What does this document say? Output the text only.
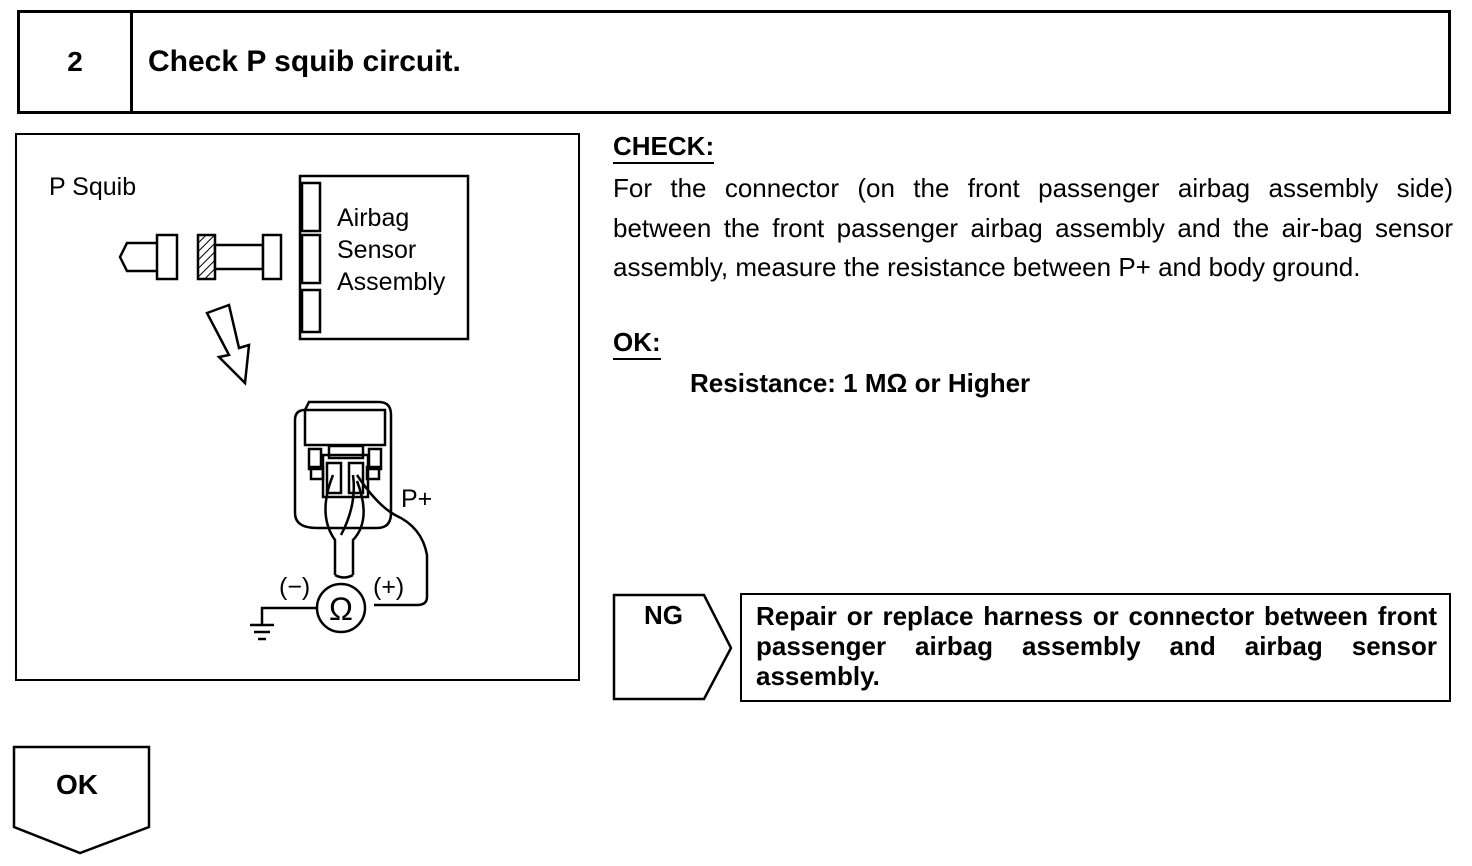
2	Check P squib circuit.
Ω
P Squib
Airbag
Sensor
Assembly
P+
(−)	(+)
CHECK:
For the connector (on the front passenger airbag assembly side) between the front passenger airbag assembly and the air-bag sensor assembly, measure the resistance between P+ and body ground.
OK:
Resistance: 1 MΩ or Higher
NG	Repair or replace harness or connector between front passenger airbag assembly and airbag sensor assembly.
OK
